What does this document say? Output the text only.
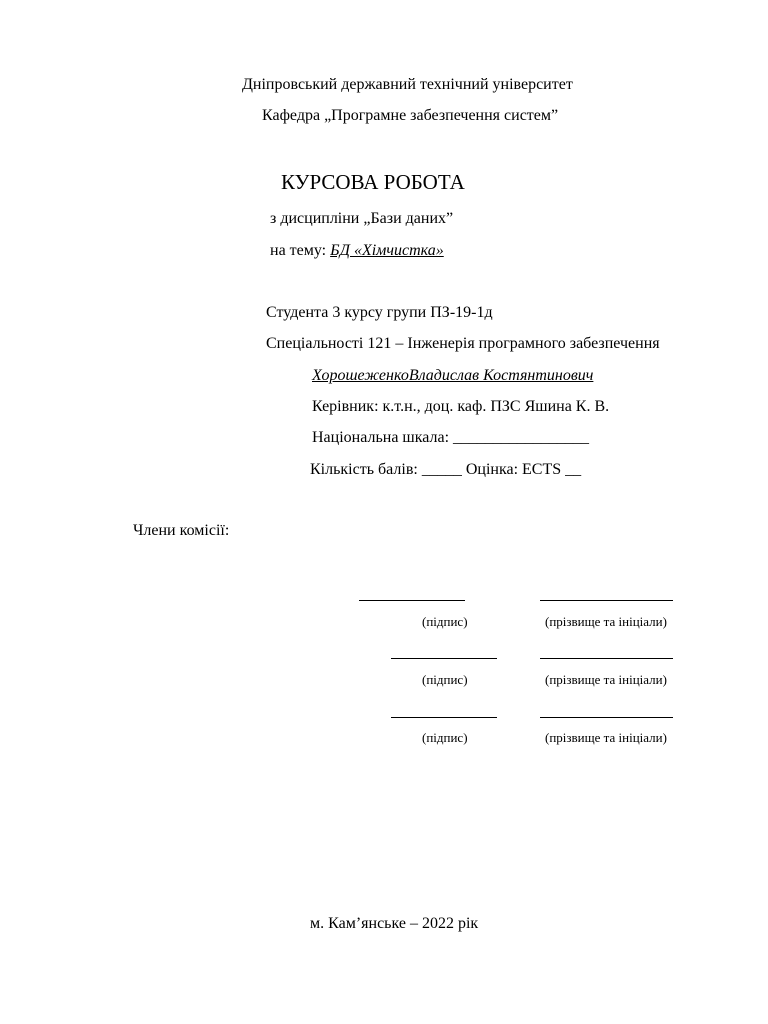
Дніпровський державний технічний університет
Кафедра „Програмне забезпечення систем”
КУРСОВА РОБОТА
з дисципліни „Бази даних”
на тему: БД «Хімчистка»
Студента 3 курсу групи ПЗ-19-1д
Спеціальності 121 – Інженерія програмного забезпечення
ХорошеженкоВладислав Костянтинович
Керівник: к.т.н., доц. каф. ПЗС Яшина К. В.
Національна шкала: _________________
Кількість балів: _____ Оцінка: ECTS __
Члени комісії:
(підпис)	(прізвище та ініціали)
(підпис)	(прізвище та ініціали)
(підпис)	(прізвище та ініціали)
м. Кам’янське – 2022 рік
